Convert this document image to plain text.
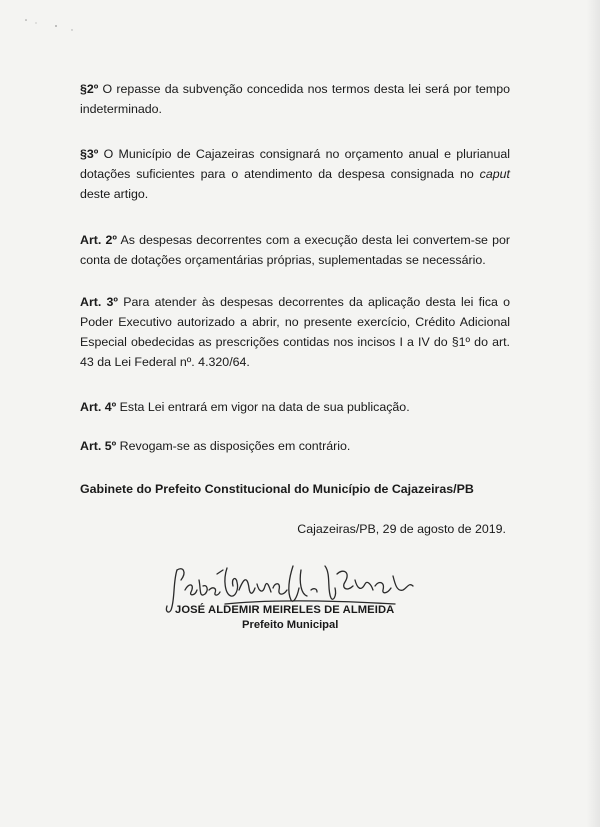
§2º O repasse da subvenção concedida nos termos desta lei será por tempo indeterminado.
§3º O Município de Cajazeiras consignará no orçamento anual e plurianual dotações suficientes para o atendimento da despesa consignada no caput deste artigo.
Art. 2º As despesas decorrentes com a execução desta lei convertem-se por conta de dotações orçamentárias próprias, suplementadas se necessário.
Art. 3º Para atender às despesas decorrentes da aplicação desta lei fica o Poder Executivo autorizado a abrir, no presente exercício, Crédito Adicional Especial obedecidas as prescrições contidas nos incisos I a IV do §1º do art. 43 da Lei Federal nº. 4.320/64.
Art. 4º Esta Lei entrará em vigor na data de sua publicação.
Art. 5º Revogam-se as disposições em contrário.
Gabinete do Prefeito Constitucional do Município de Cajazeiras/PB
Cajazeiras/PB, 29 de agosto de 2019.
JOSÉ ALDEMIR MEIRELES DE ALMEIDA
Prefeito Municipal
